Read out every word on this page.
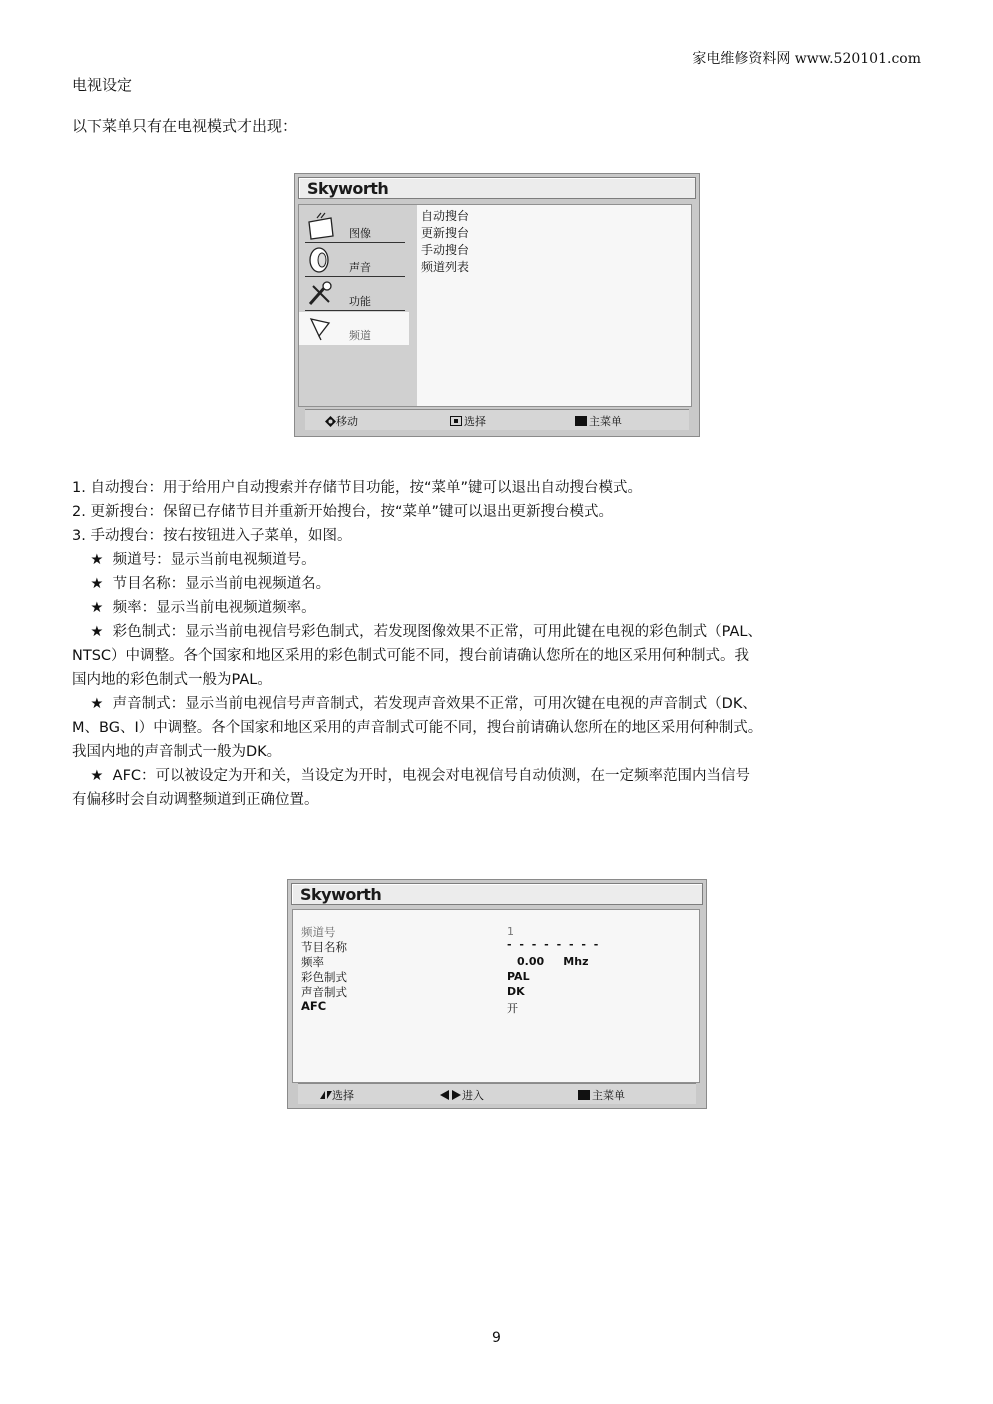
家电维修资料网 www.520101.com
电视设定
以下菜单只有在电视模式才出现：
Skyworth
图像
声音
功能
频道
自动搜台
更新搜台
手动搜台
频道列表
移动	选择	主菜单
1. 自动搜台：用于给用户自动搜索并存储节目功能，按“菜单”键可以退出自动搜台模式。
2. 更新搜台：保留已存储节目并重新开始搜台，按“菜单”键可以退出更新搜台模式。
3. 手动搜台：按右按钮进入子菜单，如图。
★  频道号：显示当前电视频道号。
★  节目名称：显示当前电视频道名。
★  频率：显示当前电视频道频率。
★  彩色制式：显示当前电视信号彩色制式，若发现图像效果不正常，可用此键在电视的彩色制式（PAL、
NTSC）中调整。各个国家和地区采用的彩色制式可能不同，搜台前请确认您所在的地区采用何种制式。我
国内地的彩色制式一般为PAL。
★  声音制式：显示当前电视信号声音制式，若发现声音效果不正常，可用次键在电视的声音制式（DK、
M、BG、I）中调整。各个国家和地区采用的声音制式可能不同，搜台前请确认您所在的地区采用何种制式。
我国内地的声音制式一般为DK。
★  AFC：可以被设定为开和关，当设定为开时，电视会对电视信号自动侦测，在一定频率范围内当信号
有偏移时会自动调整频道到正确位置。
Skyworth
频道号	1
节目名称	- - - - - - - -
频率	0.00     Mhz
彩色制式	PAL
声音制式	DK
AFC	开
选择	进入	主菜单
9
